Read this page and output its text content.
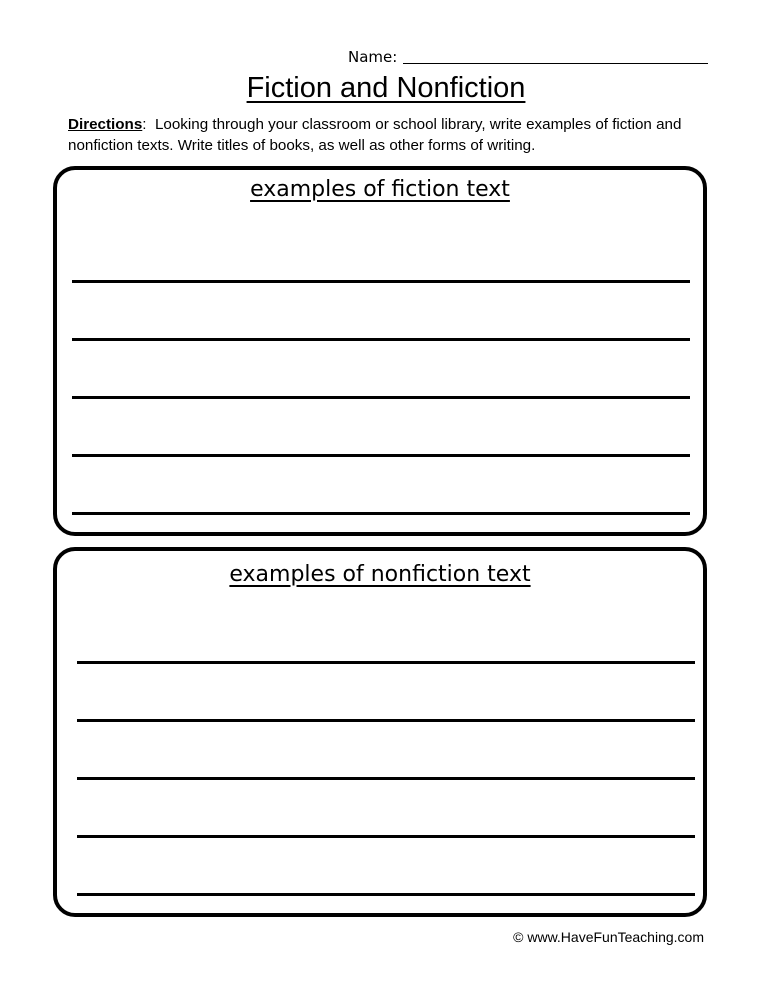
Name:
Fiction and Nonfiction
Directions: Looking through your classroom or school library, write examples of fiction and nonfiction texts. Write titles of books, as well as other forms of writing.
examples of fiction text
examples of nonfiction text
© www.HaveFunTeaching.com
